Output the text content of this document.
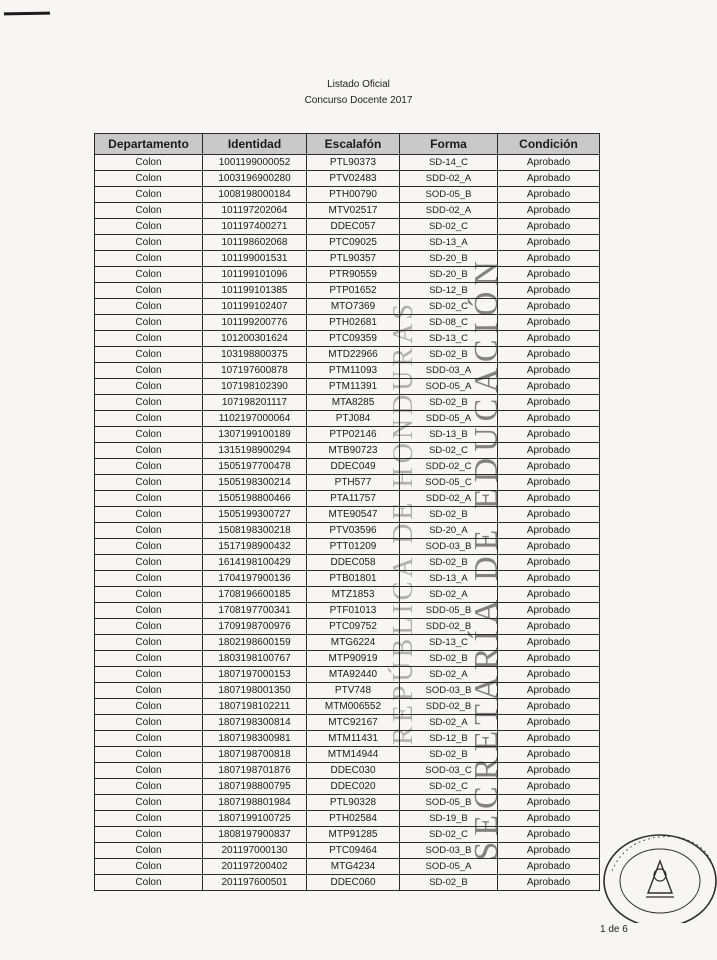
Listado Oficial
Concurso Docente 2017
Departamento	Identidad	Escalafón	Forma	Condición
Colon	1001199000052	PTL90373	SD-14_C	Aprobado
Colon	1003196900280	PTV02483	SDD-02_A	Aprobado
Colon	1008198000184	PTH00790	SOD-05_B	Aprobado
Colon	101197202064	MTV02517	SDD-02_A	Aprobado
Colon	101197400271	DDEC057	SD-02_C	Aprobado
Colon	101198602068	PTC09025	SD-13_A	Aprobado
Colon	101199001531	PTL90357	SD-20_B	Aprobado
Colon	101199101096	PTR90559	SD-20_B	Aprobado
Colon	101199101385	PTP01652	SD-12_B	Aprobado
Colon	101199102407	MTO7369	SD-02_C	Aprobado
Colon	101199200776	PTH02681	SD-08_C	Aprobado
Colon	101200301624	PTC09359	SD-13_C	Aprobado
Colon	103198800375	MTD22966	SD-02_B	Aprobado
Colon	107197600878	PTM11093	SDD-03_A	Aprobado
Colon	107198102390	PTM11391	SOD-05_A	Aprobado
Colon	107198201117	MTA8285	SD-02_B	Aprobado
Colon	1102197000064	PTJ084	SDD-05_A	Aprobado
Colon	1307199100189	PTP02146	SD-13_B	Aprobado
Colon	1315198900294	MTB90723	SD-02_C	Aprobado
Colon	1505197700478	DDEC049	SDD-02_C	Aprobado
Colon	1505198300214	PTH577	SOD-05_C	Aprobado
Colon	1505198800466	PTA11757	SDD-02_A	Aprobado
Colon	1505199300727	MTE90547	SD-02_B	Aprobado
Colon	1508198300218	PTV03596	SD-20_A	Aprobado
Colon	1517198900432	PTT01209	SOD-03_B	Aprobado
Colon	1614198100429	DDEC058	SD-02_B	Aprobado
Colon	1704197900136	PTB01801	SD-13_A	Aprobado
Colon	1708196600185	MTZ1853	SD-02_A	Aprobado
Colon	1708197700341	PTF01013	SDD-05_B	Aprobado
Colon	1709198700976	PTC09752	SDD-02_B	Aprobado
Colon	1802198600159	MTG6224	SD-13_C	Aprobado
Colon	1803198100767	MTP90919	SD-02_B	Aprobado
Colon	1807197000153	MTA92440	SD-02_A	Aprobado
Colon	1807198001350	PTV748	SOD-03_B	Aprobado
Colon	1807198102211	MTM006552	SDD-02_B	Aprobado
Colon	1807198300814	MTC92167	SD-02_A	Aprobado
Colon	1807198300981	MTM11431	SD-12_B	Aprobado
Colon	1807198700818	MTM14944	SD-02_B	Aprobado
Colon	1807198701876	DDEC030	SOD-03_C	Aprobado
Colon	1807198800795	DDEC020	SD-02_C	Aprobado
Colon	1807198801984	PTL90328	SOD-05_B	Aprobado
Colon	1807199100725	PTH02584	SD-19_B	Aprobado
Colon	1808197900837	MTP91285	SD-02_C	Aprobado
Colon	201197000130	PTC09464	SOD-03_B	Aprobado
Colon	201197200402	MTG4234	SOD-05_A	Aprobado
Colon	201197600501	DDEC060	SD-02_B	Aprobado
SECRETARÍA DE EDUCACIÓN
REPÚBLICA DE HONDURAS
1 de 6
